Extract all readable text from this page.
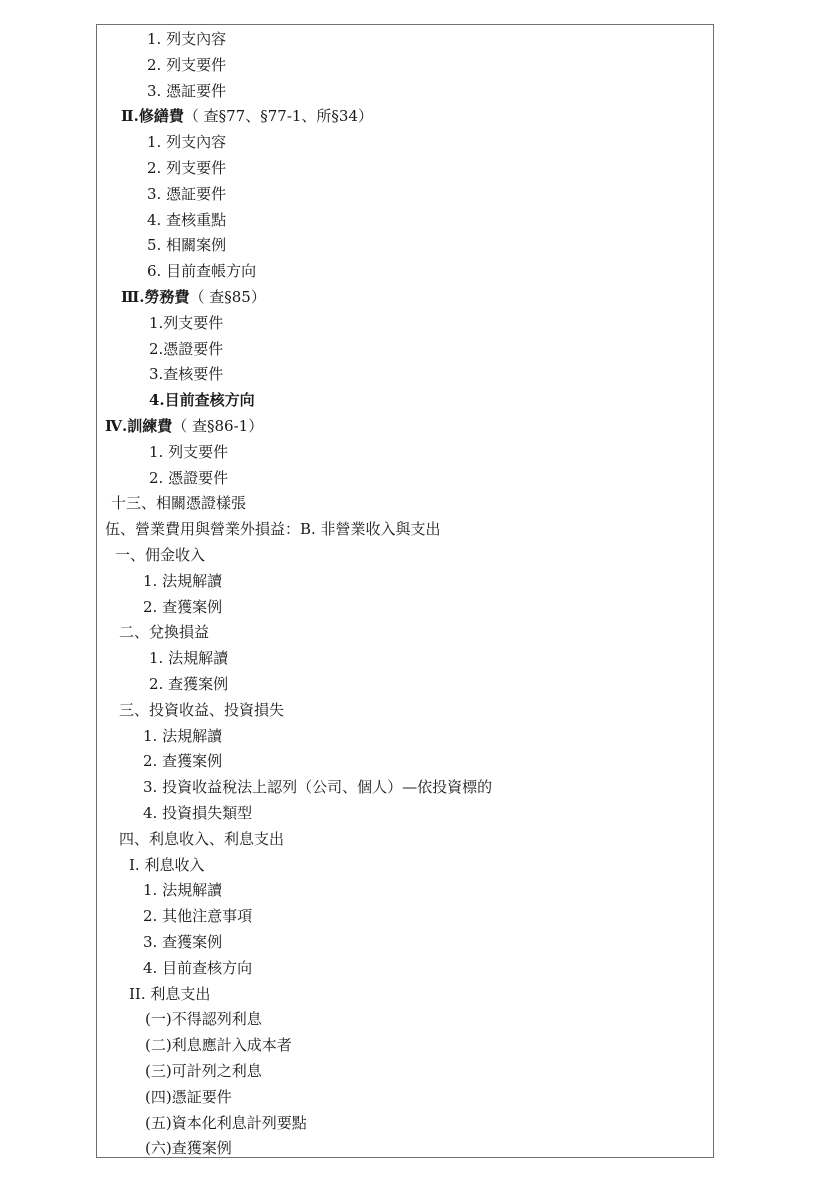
1. 列支內容
2. 列支要件
3. 憑証要件
Ⅱ.修繕費（ 查§77、§77-1、所§34）
1. 列支內容
2. 列支要件
3. 憑証要件
4. 查核重點
5. 相關案例
6. 目前查帳方向
Ⅲ.勞務費（ 查§85）
1.列支要件
2.憑證要件
3.查核要件
4.目前查核方向
Ⅳ.訓練費（ 查§86-1）
1. 列支要件
2. 憑證要件
十三、相關憑證樣張
伍、營業費用與營業外損益：B. 非營業收入與支出
一、佣金收入
1. 法規解讀
2. 查獲案例
二、兌換損益
1. 法規解讀
2. 查獲案例
三、投資收益、投資損失
1. 法規解讀
2. 查獲案例
3. 投資收益稅法上認列（公司、個人）—依投資標的
4. 投資損失類型
四、利息收入、利息支出
I. 利息收入
1. 法規解讀
2. 其他注意事項
3. 查獲案例
4. 目前查核方向
II. 利息支出
(一)不得認列利息
(二)利息應計入成本者
(三)可計列之利息
(四)憑証要件
(五)資本化利息計列要點
(六)查獲案例
